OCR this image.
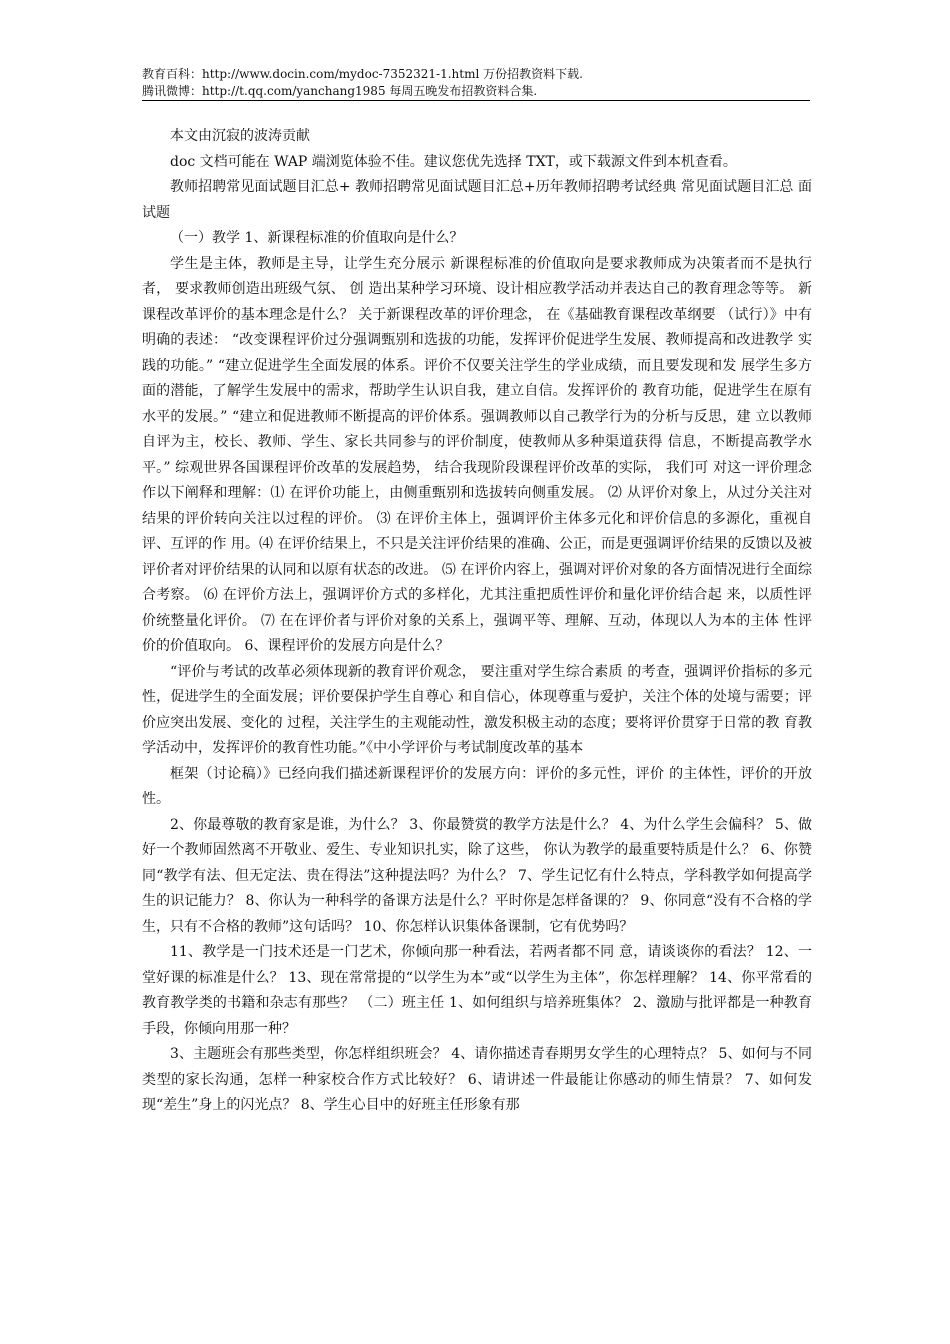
教育百科：http://www.docin.com/mydoc-7352321-1.html 万份招教资料下载.
腾讯微博：http://t.qq.com/yanchang1985 每周五晚发布招教资料合集.

本文由沉寂的波涛贡献

doc 文档可能在 WAP 端浏览体验不佳。建议您优先选择 TXT，或下载源文件到本机查看。

教师招聘常见面试题目汇总+ 教师招聘常见面试题目汇总+历年教师招聘考试经典 常见面试题目汇总 面试题

（一）教学 1、新课程标准的价值取向是什么？

学生是主体，教师是主导，让学生充分展示 新课程标准的价值取向是要求教师成为决策者而不是执行者， 要求教师创造出班级气氛、 创 造出某种学习环境、设计相应教学活动并表达自己的教育理念等等。 新课程改革评价的基本理念是什么？ 关于新课程改革的评价理念， 在《基础教育课程改革纲要 （试行）》中有明确的表述： “改变课程评价过分强调甄别和选拔的功能，发挥评价促进学生发展、教师提高和改进教学 实践的功能。” “建立促进学生全面发展的体系。评价不仅要关注学生的学业成绩，而且要发现和发 展学生多方面的潜能，了解学生发展中的需求，帮助学生认识自我，建立自信。发挥评价的 教育功能，促进学生在原有水平的发展。” “建立和促进教师不断提高的评价体系。强调教师以自己教学行为的分析与反思，建 立以教师自评为主，校长、教师、学生、家长共同参与的评价制度，使教师从多种渠道获得 信息，不断提高教学水平。” 综观世界各国课程评价改革的发展趋势， 结合我现阶段课程评价改革的实际， 我们可 对这一评价理念作以下阐释和理解：⑴ 在评价功能上，由侧重甄别和选拔转向侧重发展。 ⑵ 从评价对象上，从过分关注对结果的评价转向关注以过程的评价。 ⑶ 在评价主体上，强调评价主体多元化和评价信息的多源化，重视自评、互评的作 用。⑷ 在评价结果上，不只是关注评价结果的准确、公正，而是更强调评价结果的反馈以及被评价者对评价结果的认同和以原有状态的改进。 ⑸ 在评价内容上，强调对评价对象的各方面情况进行全面综合考察。 ⑹ 在评价方法上，强调评价方式的多样化，尤其注重把质性评价和量化评价结合起 来，以质性评价统整量化评价。 ⑺ 在在评价者与评价对象的关系上，强调平等、理解、互动，体现以人为本的主体 性评价的价值取向。 6、课程评价的发展方向是什么？

“评价与考试的改革必须体现新的教育评价观念， 要注重对学生综合素质 的考查，强调评价指标的多元性，促进学生的全面发展；评价要保护学生自尊心 和自信心，体现尊重与爱护，关注个体的处境与需要；评价应突出发展、变化的 过程，关注学生的主观能动性，激发积极主动的态度；要将评价贯穿于日常的教 育教学活动中，发挥评价的教育性功能。”《中小学评价与考试制度改革的基本

框架（讨论稿）》已经向我们描述新课程评价的发展方向：评价的多元性，评价 的主体性，评价的开放性。

2、你最尊敬的教育家是谁，为什么？ 3、你最赞赏的教学方法是什么？ 4、为什么学生会偏科？ 5、做好一个教师固然离不开敬业、爱生、专业知识扎实，除了这些， 你认为教学的最重要特质是什么？ 6、你赞同“教学有法、但无定法、贵在得法”这种提法吗？为什么？ 7、学生记忆有什么特点，学科教学如何提高学生的识记能力？ 8、你认为一种科学的备课方法是什么？平时你是怎样备课的？ 9、你同意“没有不合格的学生，只有不合格的教师”这句话吗？ 10、你怎样认识集体备课制，它有优势吗？

11、教学是一门技术还是一门艺术，你倾向那一种看法，若两者都不同 意，请谈谈你的看法？ 12、一堂好课的标准是什么？ 13、现在常常提的“以学生为本”或“以学生为主体”，你怎样理解？ 14、你平常看的教育教学类的书籍和杂志有那些？ （二）班主任 1、如何组织与培养班集体？ 2、激励与批评都是一种教育手段，你倾向用那一种？

3、主题班会有那些类型，你怎样组织班会？ 4、请你描述青春期男女学生的心理特点？ 5、如何与不同类型的家长沟通，怎样一种家校合作方式比较好？ 6、请讲述一件最能让你感动的师生情景？ 7、如何发现“差生”身上的闪光点？ 8、学生心目中的好班主任形象有那
